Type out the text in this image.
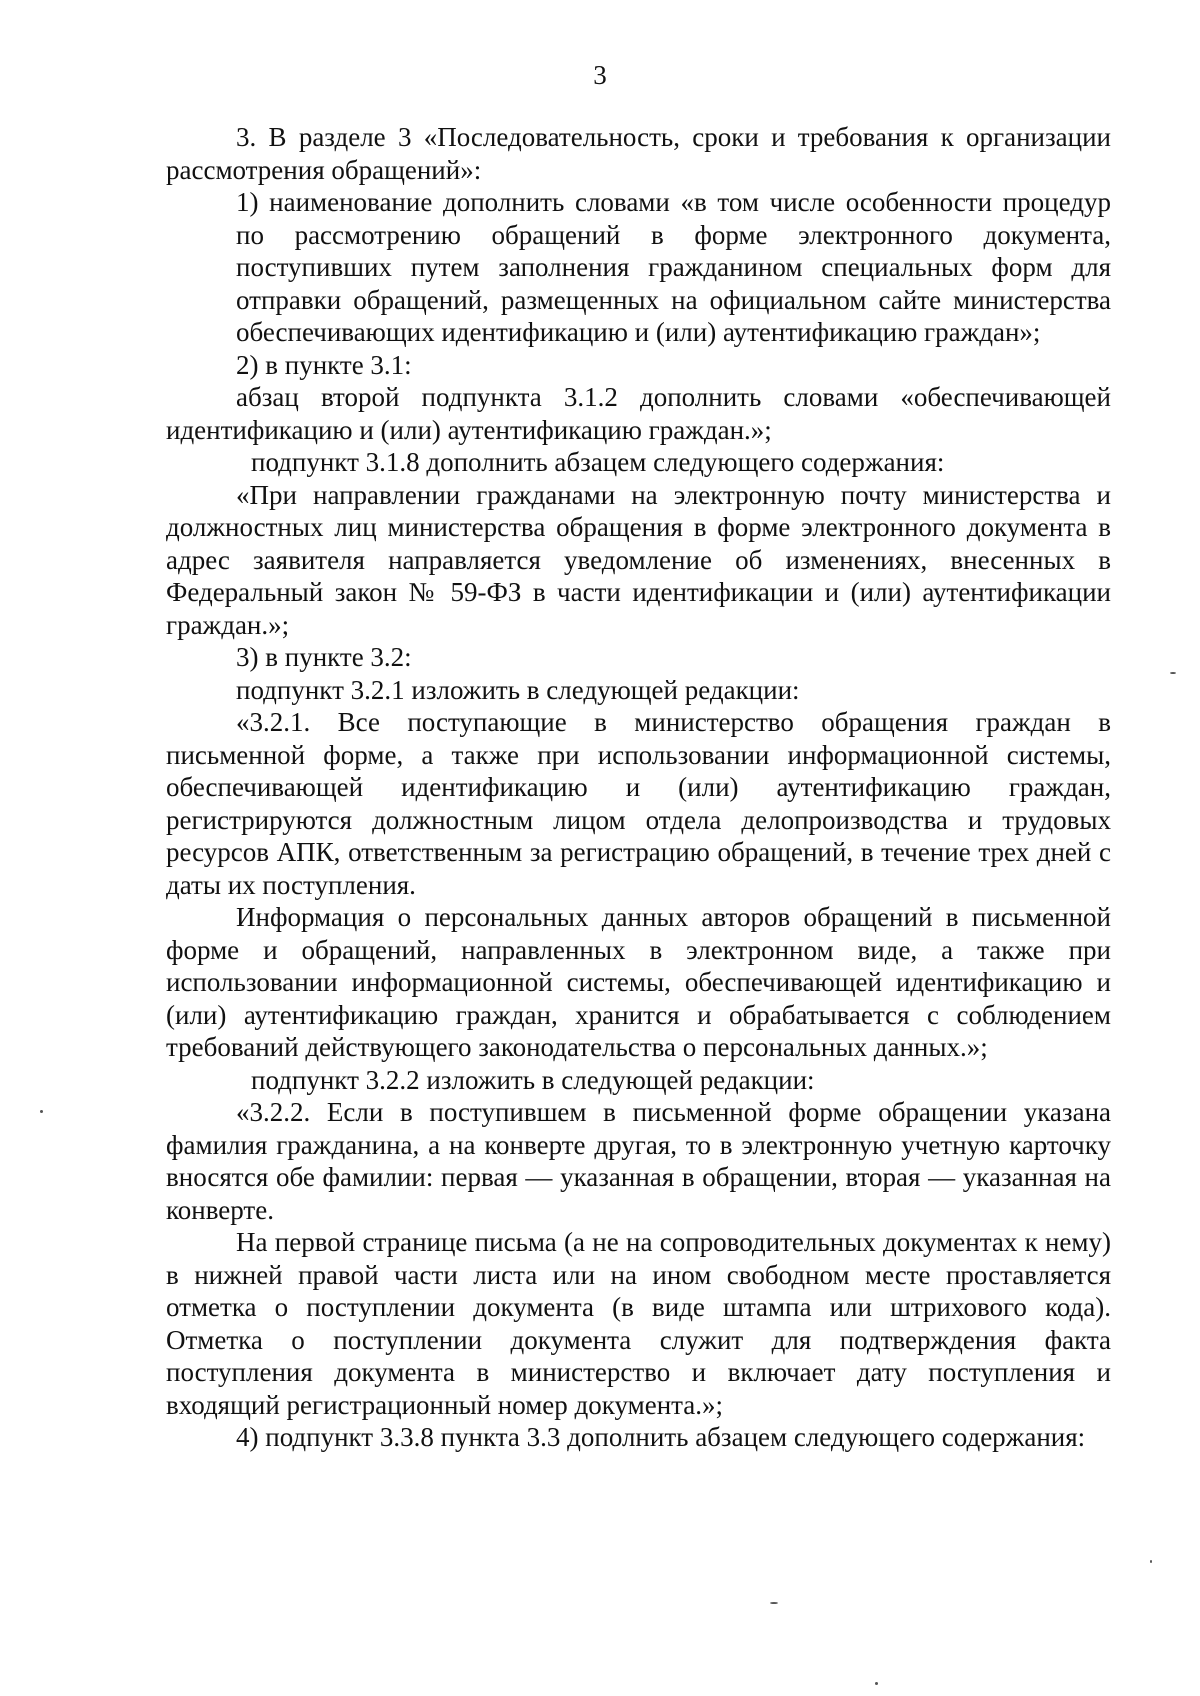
3

3. В разделе 3 «Последовательность, сроки и требования к организации рассмотрения обращений»:

1) наименование дополнить словами «в том числе особенности процедур по рассмотрению обращений в форме электронного документа, поступивших путем заполнения гражданином специальных форм для отправки обращений, размещенных на официальном сайте министерства обеспечивающих идентификацию и (или) аутентификацию граждан»;

2) в пункте 3.1:

абзац второй подпункта 3.1.2 дополнить словами «обеспечивающей идентификацию и (или) аутентификацию граждан.»;

подпункт 3.1.8 дополнить абзацем следующего содержания:

«При направлении гражданами на электронную почту министерства и должностных лиц министерства обращения в форме электронного документа в адрес заявителя направляется уведомление об изменениях, внесенных в Федеральный закон № 59-ФЗ в части идентификации и (или) аутентификации граждан.»;

3) в пункте 3.2:

подпункт 3.2.1 изложить в следующей редакции:

«3.2.1. Все поступающие в министерство обращения граждан в письменной форме, а также при использовании информационной системы, обеспечивающей идентификацию и (или) аутентификацию граждан, регистрируются должностным лицом отдела делопроизводства и трудовых ресурсов АПК, ответственным за регистрацию обращений, в течение трех дней с даты их поступления.

Информация о персональных данных авторов обращений в письменной форме и обращений, направленных в электронном виде, а также при использовании информационной системы, обеспечивающей идентификацию и (или) аутентификацию граждан, хранится и обрабатывается с соблюдением требований действующего законодательства о персональных данных.»;

подпункт 3.2.2 изложить в следующей редакции:

«3.2.2. Если в поступившем в письменной форме обращении указана фамилия гражданина, а на конверте другая, то в электронную учетную карточку вносятся обе фамилии: первая — указанная в обращении, вторая — указанная на конверте.

На первой странице письма (а не на сопроводительных документах к нему) в нижней правой части листа или на ином свободном месте проставляется отметка о поступлении документа (в виде штампа или штрихового кода). Отметка о поступлении документа служит для подтверждения факта поступления документа в министерство и включает дату поступления и входящий регистрационный номер документа.»;

4) подпункт 3.3.8 пункта 3.3 дополнить абзацем следующего содержания:
